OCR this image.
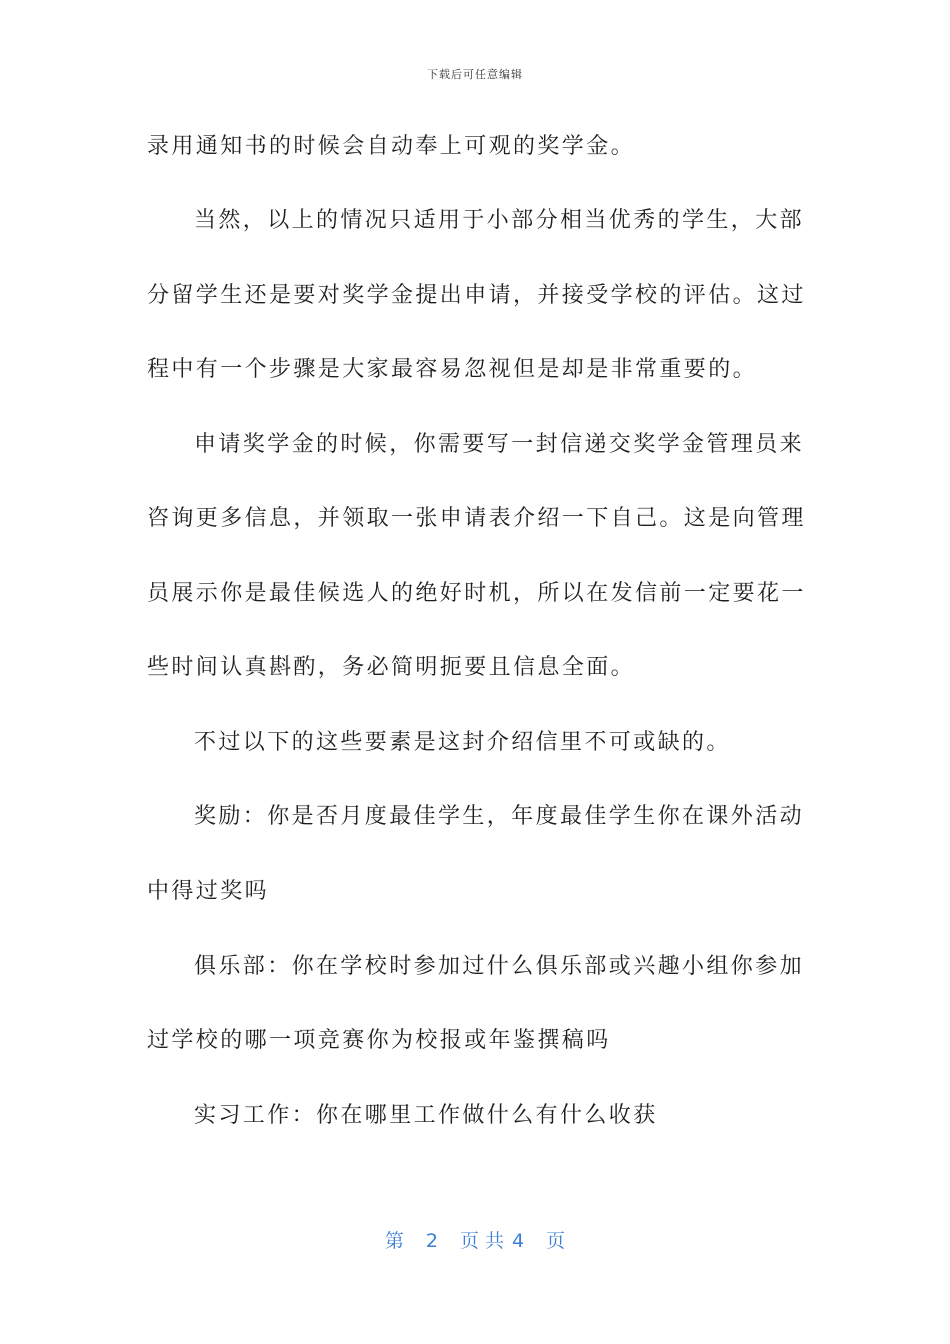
下载后可任意编辑
录用通知书的时候会自动奉上可观的奖学金。
当然，以上的情况只适用于小部分相当优秀的学生，大部
分留学生还是要对奖学金提出申请，并接受学校的评估。这过
程中有一个步骤是大家最容易忽视但是却是非常重要的。
申请奖学金的时候，你需要写一封信递交奖学金管理员来
咨询更多信息，并领取一张申请表介绍一下自己。这是向管理
员展示你是最佳候选人的绝好时机，所以在发信前一定要花一
些时间认真斟酌，务必简明扼要且信息全面。
不过以下的这些要素是这封介绍信里不可或缺的。
奖励：你是否月度最佳学生，年度最佳学生你在课外活动
中得过奖吗
俱乐部：你在学校时参加过什么俱乐部或兴趣小组你参加
过学校的哪一项竞赛你为校报或年鉴撰稿吗
实习工作：你在哪里工作做什么有什么收获
第 2 页 共 4 页
